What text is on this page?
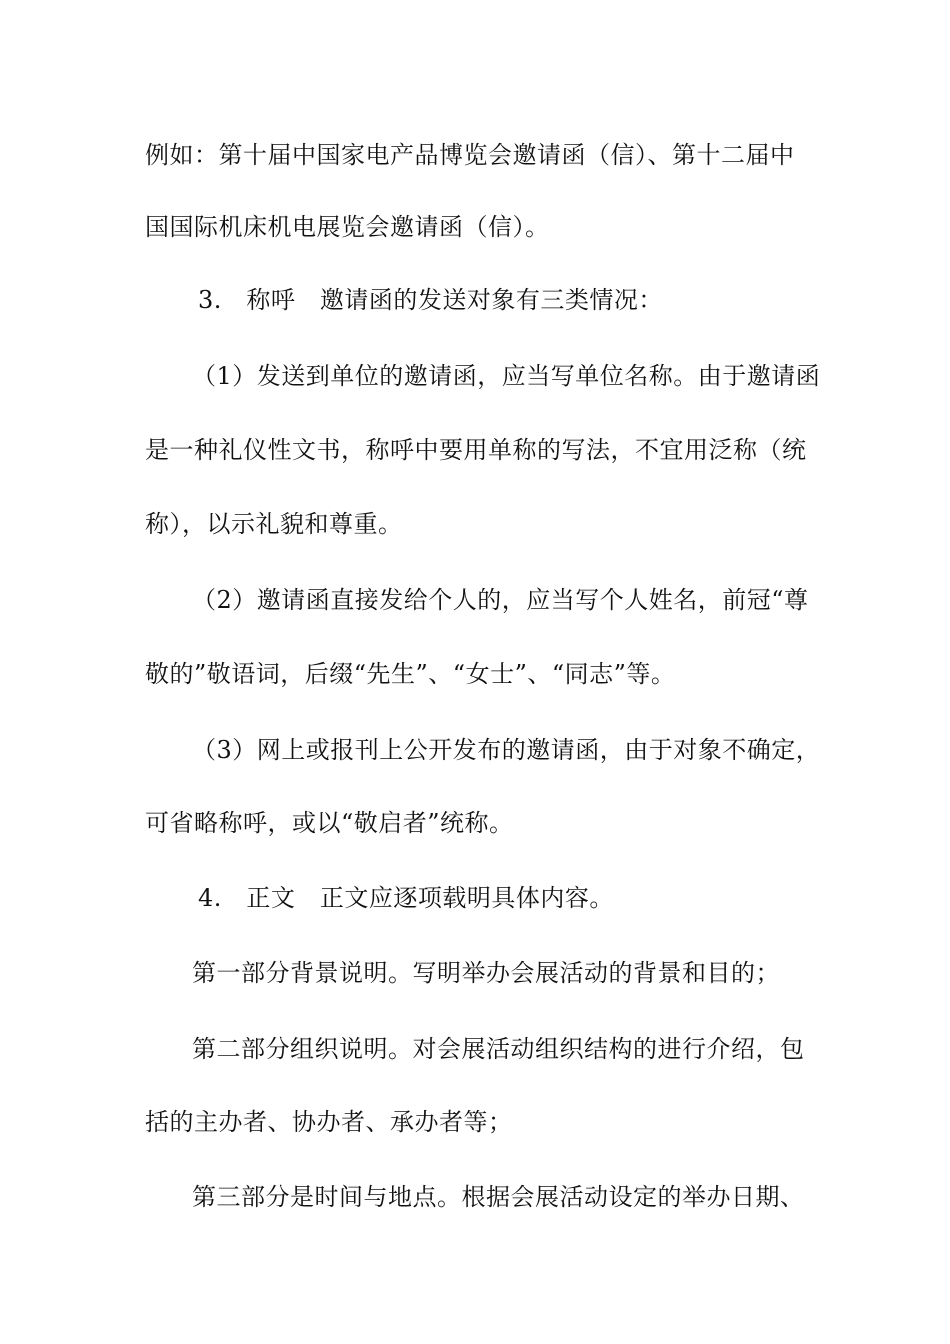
例如：第十届中国家电产品博览会邀请函（信）、第十二届中
国国际机床机电展览会邀请函（信）。
3.　称呼　邀请函的发送对象有三类情况：
（1）发送到单位的邀请函，应当写单位名称。由于邀请函
是一种礼仪性文书，称呼中要用单称的写法，不宜用泛称（统
称），以示礼貌和尊重。
（2）邀请函直接发给个人的，应当写个人姓名，前冠“尊
敬的”敬语词，后缀“先生”、“女士”、“同志”等。
（3）网上或报刊上公开发布的邀请函，由于对象不确定，
可省略称呼，或以“敬启者”统称。
4.　正文　正文应逐项载明具体内容。
第一部分背景说明。写明举办会展活动的背景和目的；
第二部分组织说明。对会展活动组织结构的进行介绍，包
括的主办者、协办者、承办者等；
第三部分是时间与地点。根据会展活动设定的举办日期、
